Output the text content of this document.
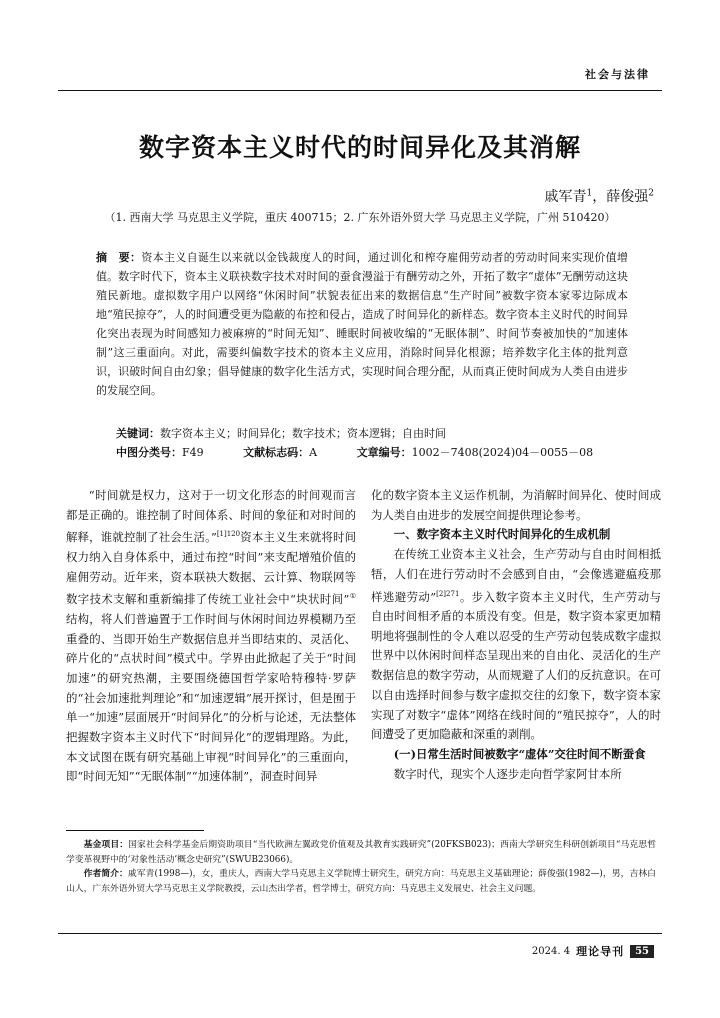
社会与法律
数字资本主义时代的时间异化及其消解
戚军青$^1$，薛俊强$^2$
（1. 西南大学 马克思主义学院，重庆 400715；2. 广东外语外贸大学 马克思主义学院，广州 510420）
摘　要：资本主义自诞生以来就以金钱裁度人的时间，通过训化和榨夺雇佣劳动者的劳动时间来实现价值增值。数字时代下，资本主义联袂数字技术对时间的蚕食漫溢于有酬劳动之外，开拓了数字“虚体”无酬劳动这块殖民新地。虚拟数字用户以网络“休闲时间”状貌表征出来的数据信息“生产时间”被数字资本家零边际成本地“殖民掠夺”，人的时间遭受更为隐蔽的布控和侵占，造成了时间异化的新样态。数字资本主义时代的时间异化突出表现为时间感知力被麻痹的“时间无知”、睡眠时间被收编的“无眠体制”、时间节奏被加快的“加速体制”这三重面向。对此，需要纠偏数字技术的资本主义应用，消除时间异化根源；培养数字化主体的批判意识，识破时间自由幻象；倡导健康的数字化生活方式，实现时间合理分配，从而真正使时间成为人类自由进步的发展空间。
关键词：数字资本主义；时间异化；数字技术；资本逻辑；自由时间
中图分类号：F49	文献标志码：A	文章编号：1002－7408(2024)04－0055－08

“时间就是权力，这对于一切文化形态的时间观而言都是正确的。谁控制了时间体系、时间的象征和对时间的解释，谁就控制了社会生活。”$^{[1]120}$资本主义生来就将时间权力纳入自身体系中，通过布控“时间”来支配增殖价值的雇佣劳动。近年来，资本联袂大数据、云计算、物联网等数字技术支解和重新编排了传统工业社会中“块状时间”①结构，将人们普遍置于工作时间与休闲时间边界模糊乃至重叠的、当即开始生产数据信息并当即结束的、灵活化、碎片化的“点状时间”模式中。学界由此掀起了关于“时间加速”的研究热潮，主要围绕德国哲学家哈特穆特·罗萨的“社会加速批判理论”和“加速逻辑”展开探讨，但是囿于单一“加速”层面展开“时间异化”的分析与论述，无法整体把握数字资本主义时代下“时间异化”的逻辑理路。为此，本文试图在既有研究基础上审视“时间异化”的三重面向，即“时间无知”“无眠体制”“加速体制”，洞查时间异

化的数字资本主义运作机制，为消解时间异化、使时间成为人类自由进步的发展空间提供理论参考。

一、数字资本主义时代时间异化的生成机制

在传统工业资本主义社会，生产劳动与自由时间相抵牾，人们在进行劳动时不会感到自由，“会像逃避瘟疫那样逃避劳动”$^{[2]271}$。步入数字资本主义时代，生产劳动与自由时间相矛盾的本质没有变。但是，数字资本家更加精明地将强制性的令人难以忍受的生产劳动包装成数字虚拟世界中以休闲时间样态呈现出来的自由化、灵活化的生产数据信息的数字劳动，从而规避了人们的反抗意识。在可以自由选择时间参与数字虚拟交往的幻象下，数字资本家实现了对数字“虚体”网络在线时间的“殖民掠夺”，人的时间遭受了更加隐蔽和深重的剥削。

(一)日常生活时间被数字“虚体”交往时间不断蚕食

数字时代，现实个人逐步走向哲学家阿甘本所

基金项目：国家社会科学基金后期资助项目“当代欧洲左翼政党价值观及其教育实践研究”(20FKSB023)；西南大学研究生科研创新项目“马克思哲学变革视野中的‘对象性活动’概念史研究”(SWUB23066)。

作者简介：戚军青(1998—)，女，重庆人，西南大学马克思主义学院博士研究生，研究方向：马克思主义基础理论；薛俊强(1982—)，男，吉林白山人，广东外语外贸大学马克思主义学院教授，云山杰出学者，哲学博士，研究方向：马克思主义发展史、社会主义问题。

2024. 4 理论导刊	55
